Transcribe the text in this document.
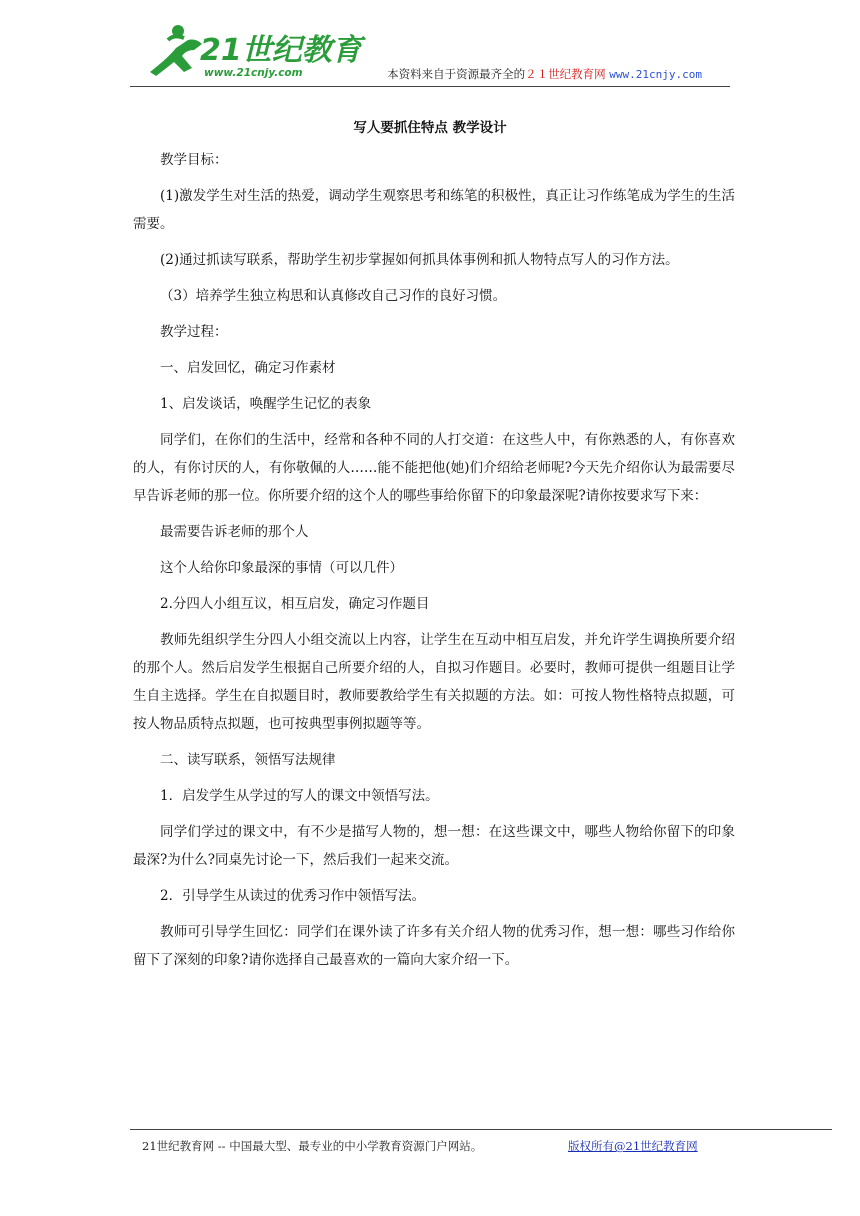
21世纪教育
www.21cnjy.com	本资料来自于资源最齐全的２１世纪教育网 www.21cnjy.com
写人要抓住特点 教学设计

教学目标：

(1)激发学生对生活的热爱，调动学生观察思考和练笔的积极性，真正让习作练笔成为学生的生活需要。

(2)通过抓读写联系，帮助学生初步掌握如何抓具体事例和抓人物特点写人的习作方法。

（3）培养学生独立构思和认真修改自己习作的良好习惯。

教学过程：

一、启发回忆，确定习作素材

1、启发谈话，唤醒学生记忆的表象

同学们，在你们的生活中，经常和各种不同的人打交道：在这些人中，有你熟悉的人，有你喜欢的人，有你讨厌的人，有你敬佩的人……能不能把他(她)们介绍给老师呢?今天先介绍你认为最需要尽早告诉老师的那一位。你所要介绍的这个人的哪些事给你留下的印象最深呢?请你按要求写下来：

最需要告诉老师的那个人

这个人给你印象最深的事情（可以几件）

2.分四人小组互议，相互启发，确定习作题目

教师先组织学生分四人小组交流以上内容，让学生在互动中相互启发，并允许学生调换所要介绍的那个人。然后启发学生根据自己所要介绍的人，自拟习作题目。必要时，教师可提供一组题目让学生自主选择。学生在自拟题目时，教师要教给学生有关拟题的方法。如：可按人物性格特点拟题，可按人物品质特点拟题，也可按典型事例拟题等等。

二、读写联系，领悟写法规律

1．启发学生从学过的写人的课文中领悟写法。

同学们学过的课文中，有不少是描写人物的，想一想：在这些课文中，哪些人物给你留下的印象最深?为什么?同桌先讨论一下，然后我们一起来交流。

2．引导学生从读过的优秀习作中领悟写法。

教师可引导学生回忆：同学们在课外读了许多有关介绍人物的优秀习作，想一想：哪些习作给你留下了深刻的印象?请你选择自己最喜欢的一篇向大家介绍一下。

21世纪教育网 -- 中国最大型、最专业的中小学教育资源门户网站。	版权所有@21世纪教育网
